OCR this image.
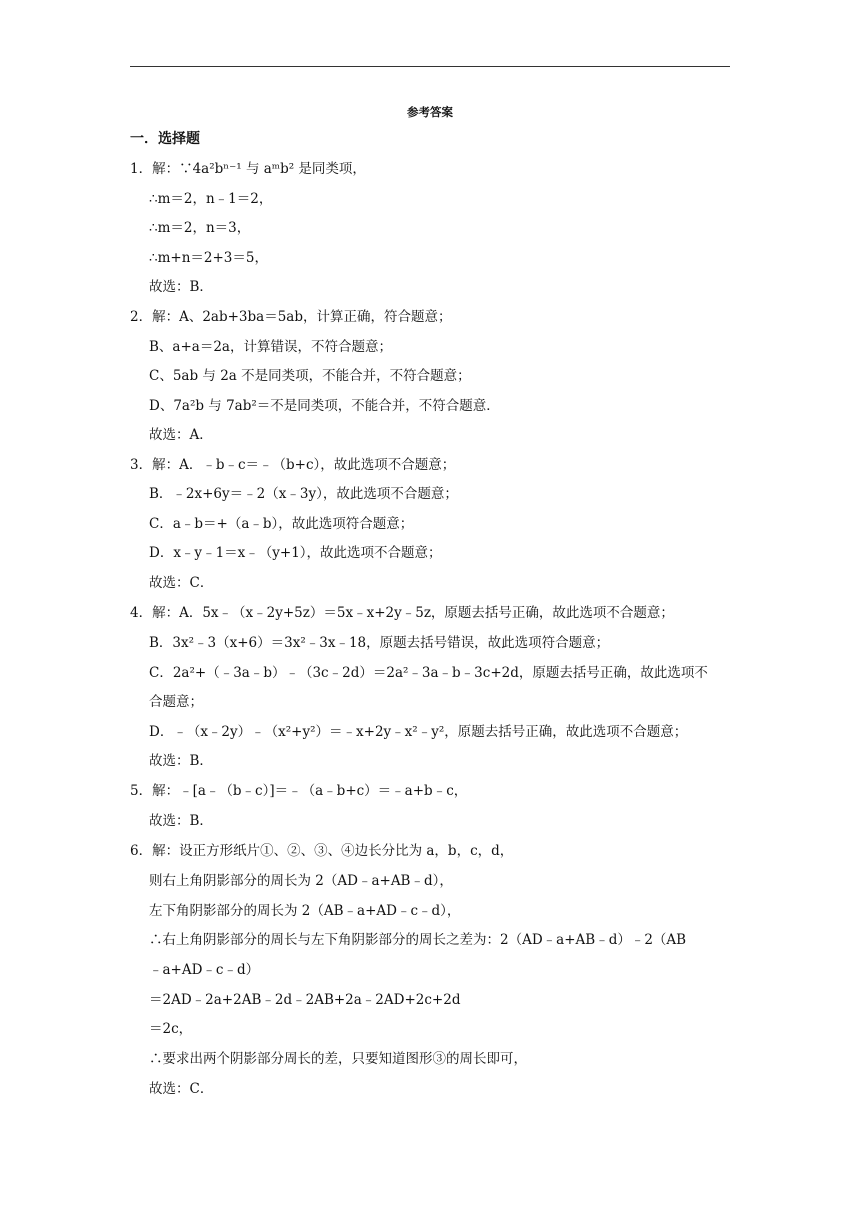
参考答案
一．选择题
1．解：∵4a²bⁿ⁻¹ 与 aᵐb² 是同类项，
∴m＝2，n﹣1＝2，
∴m＝2，n＝3，
∴m+n＝2+3＝5，
故选：B．
2．解：A、2ab+3ba＝5ab，计算正确，符合题意；
B、a+a＝2a，计算错误，不符合题意；
C、5ab 与 2a 不是同类项，不能合并，不符合题意；
D、7a²b 与 7ab²＝不是同类项，不能合并，不符合题意．
故选：A．
3．解：A．﹣b﹣c＝﹣（b+c），故此选项不合题意；
B．﹣2x+6y＝﹣2（x﹣3y），故此选项不合题意；
C．a﹣b＝+（a﹣b），故此选项符合题意；
D．x﹣y﹣1＝x﹣（y+1），故此选项不合题意；
故选：C．
4．解：A．5x﹣（x﹣2y+5z）＝5x﹣x+2y﹣5z，原题去括号正确，故此选项不合题意；
B．3x²﹣3（x+6）＝3x²﹣3x﹣18，原题去括号错误，故此选项符合题意；
C．2a²+（﹣3a﹣b）﹣（3c﹣2d）＝2a²﹣3a﹣b﹣3c+2d，原题去括号正确，故此选项不
合题意；
D．﹣（x﹣2y）﹣（x²+y²）＝﹣x+2y﹣x²﹣y²，原题去括号正确，故此选项不合题意；
故选：B．
5．解：﹣[a﹣（b﹣c）]＝﹣（a﹣b+c）＝﹣a+b﹣c，
故选：B．
6．解：设正方形纸片①、②、③、④边长分比为 a，b，c，d，
则右上角阴影部分的周长为 2（AD﹣a+AB﹣d），
左下角阴影部分的周长为 2（AB﹣a+AD﹣c﹣d），
∴右上角阴影部分的周长与左下角阴影部分的周长之差为：2（AD﹣a+AB﹣d）﹣2（AB
﹣a+AD﹣c﹣d）
＝2AD﹣2a+2AB﹣2d﹣2AB+2a﹣2AD+2c+2d
＝2c，
∴要求出两个阴影部分周长的差，只要知道图形③的周长即可，
故选：C．
